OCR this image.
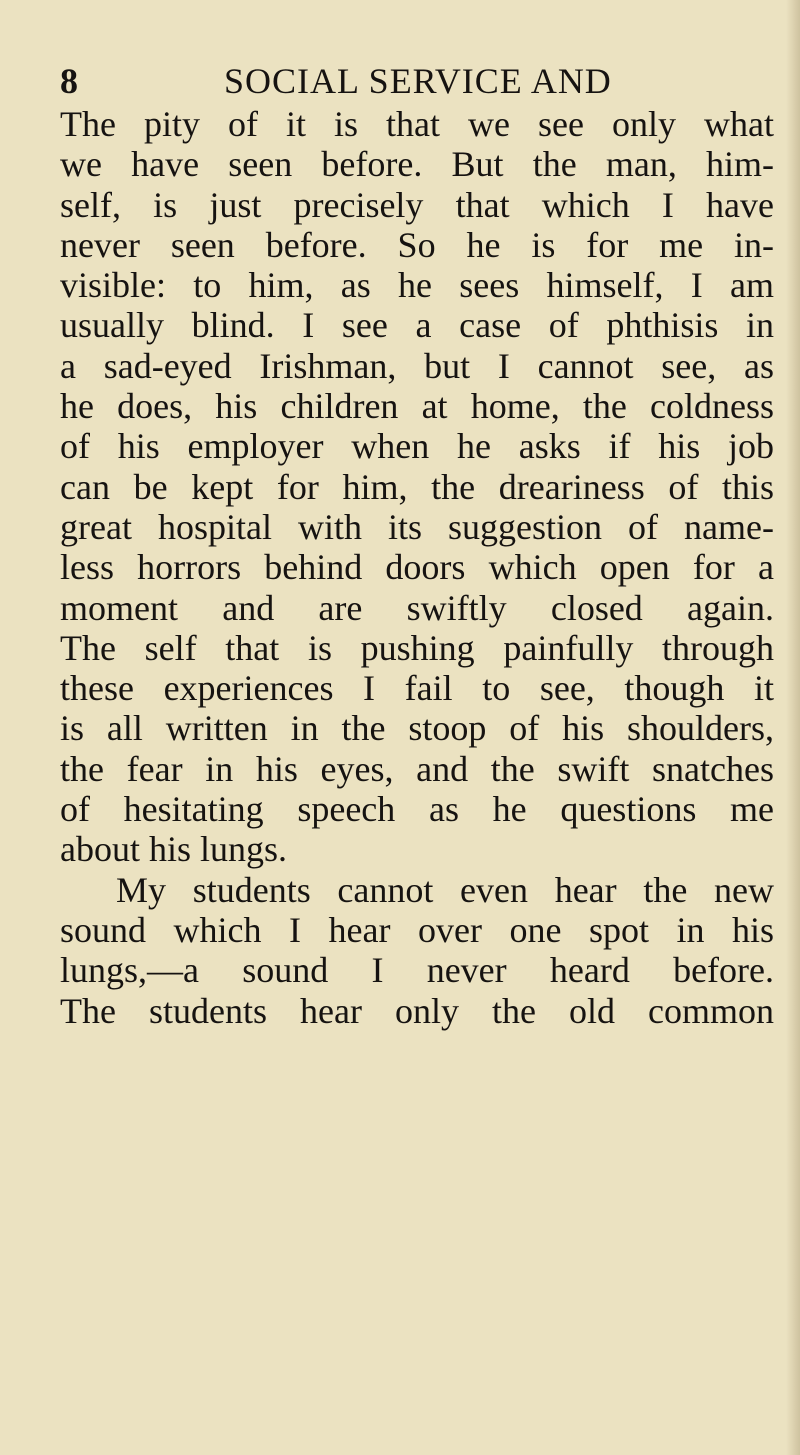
8	SOCIAL SERVICE AND
The pity of it is that we see only what
we have seen before. But the man, him-
self, is just precisely that which I have
never seen before. So he is for me in-
visible: to him, as he sees himself, I am
usually blind. I see a case of phthisis in
a sad-eyed Irishman, but I cannot see, as
he does, his children at home, the coldness
of his employer when he asks if his job
can be kept for him, the dreariness of this
great hospital with its suggestion of name-
less horrors behind doors which open for a
moment and are swiftly closed again.
The self that is pushing painfully through
these experiences I fail to see, though it
is all written in the stoop of his shoulders,
the fear in his eyes, and the swift snatches
of hesitating speech as he questions me
about his lungs.
My students cannot even hear the new
sound which I hear over one spot in his
lungs,—a sound I never heard before.
The students hear only the old common
